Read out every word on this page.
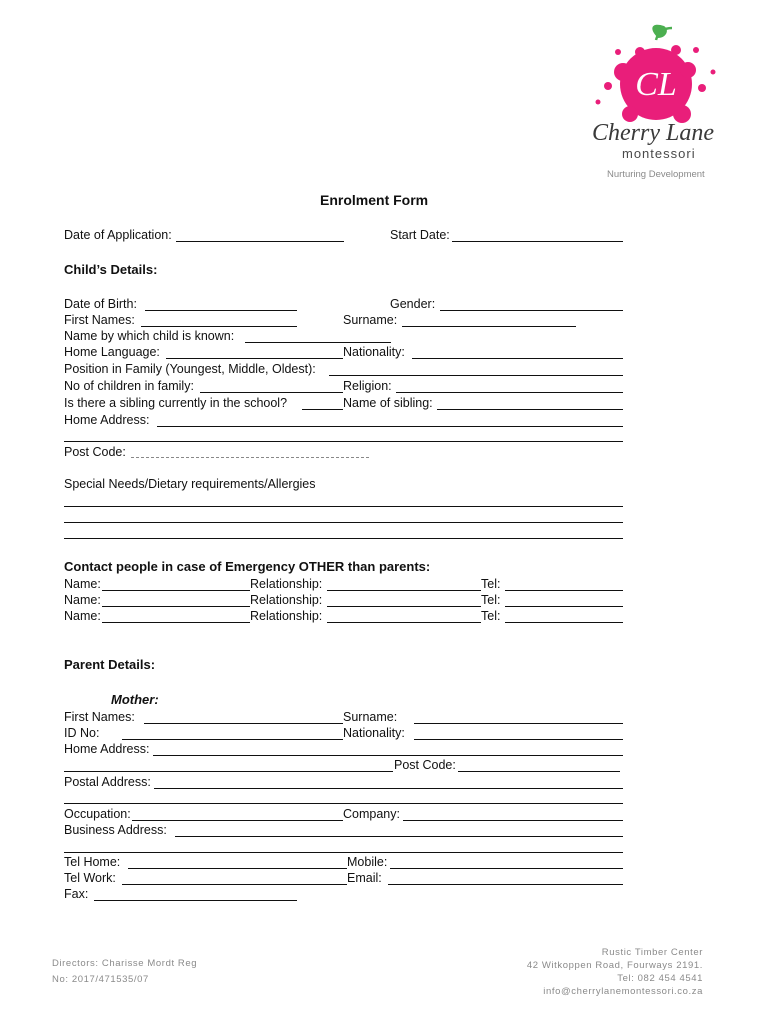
CL
Cherry Lane
montessori
Nurturing Development
Enrolment Form
Date of Application:	Start Date:
Child’s Details:
Date of Birth:	Gender:
First Names:	Surname:
Name by which child is known:
Home Language:	Nationality:
Position in Family (Youngest, Middle, Oldest):
No of children in family:	Religion:
Is there a sibling currently in the school?	Name of sibling:
Home Address:
Post Code:
Special Needs/Dietary requirements/Allergies
Contact people in case of Emergency OTHER than parents:
Name:	Relationship:	Tel:
Name:	Relationship:	Tel:
Name:	Relationship:	Tel:
Parent Details:
Mother:
First Names:	Surname:
ID No:	Nationality:
Home Address:
Post Code:
Postal Address:
Occupation:	Company:
Business Address:
Tel Home:	Mobile:
Tel Work:	Email:
Fax:
Directors: Charisse Mordt Reg
No: 2017/471535/07
Rustic Timber Center
42 Witkoppen Road, Fourways 2191.
Tel: 082 454 4541
info@cherrylanemontessori.co.za
